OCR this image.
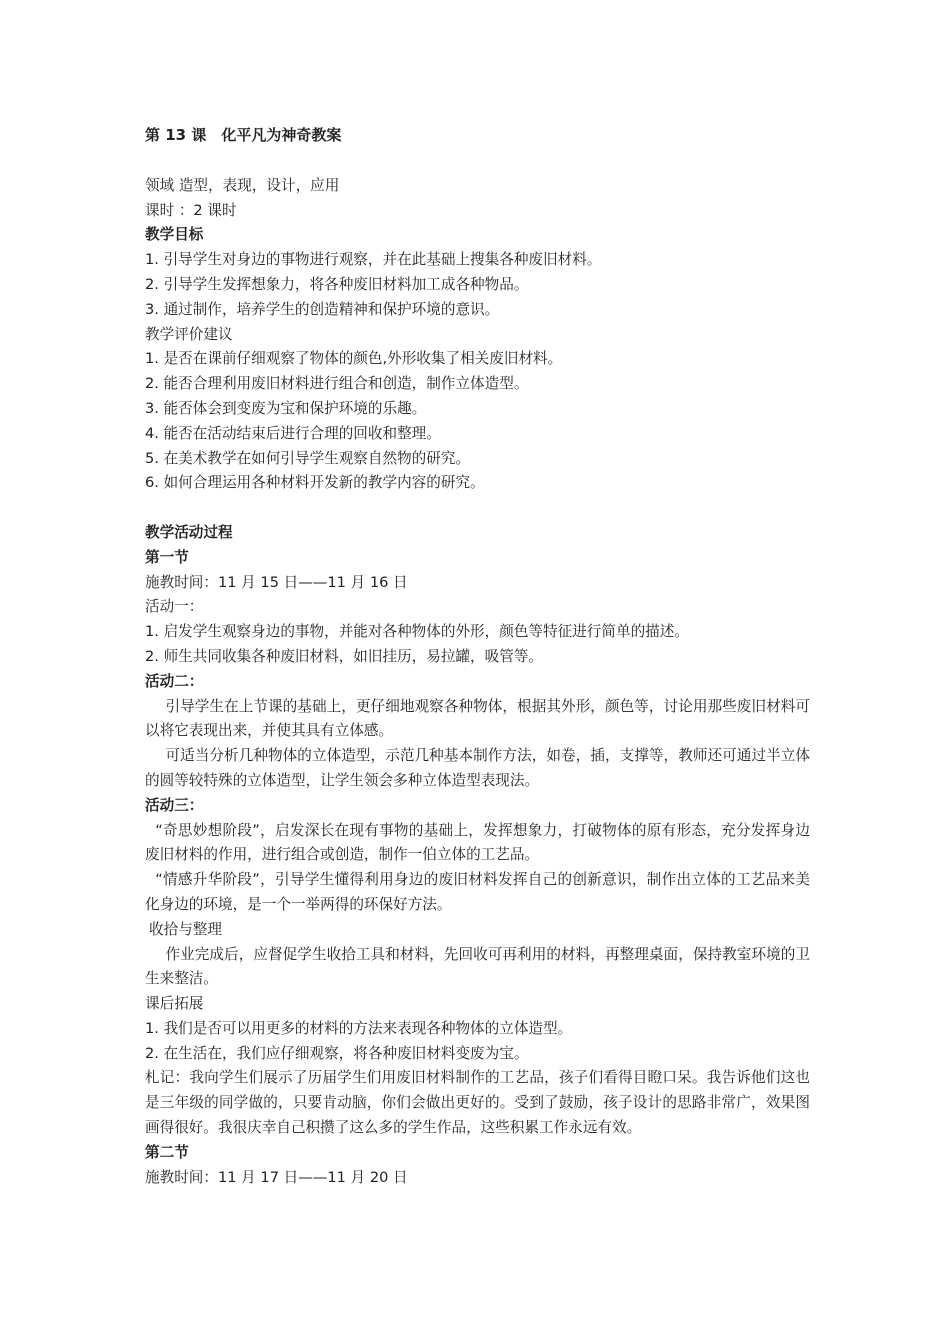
第 13 课　化平凡为神奇教案
领域 造型，表现，设计，应用
课时 ：2 课时
教学目标
1. 引导学生对身边的事物进行观察，并在此基础上搜集各种废旧材料。
2. 引导学生发挥想象力，将各种废旧材料加工成各种物品。
3. 通过制作，培养学生的创造精神和保护环境的意识。
教学评价建议
1. 是否在课前仔细观察了物体的颜色,外形收集了相关废旧材料。
2. 能否合理利用废旧材料进行组合和创造，制作立体造型。
3. 能否体会到变废为宝和保护环境的乐趣。
4. 能否在活动结束后进行合理的回收和整理。
5. 在美术教学在如何引导学生观察自然物的研究。
6. 如何合理运用各种材料开发新的教学内容的研究。
教学活动过程
第一节
施教时间：11 月 15 日——11 月 16 日
活动一：
1. 启发学生观察身边的事物，并能对各种物体的外形，颜色等特征进行简单的描述。
2. 师生共同收集各种废旧材料，如旧挂历，易拉罐，吸管等。
活动二：
引导学生在上节课的基础上，更仔细地观察各种物体，根据其外形，颜色等，讨论用那些废旧材料可以将它表现出来，并使其具有立体感。
可适当分析几种物体的立体造型，示范几种基本制作方法，如卷，插，支撑等，教师还可通过半立体的圆等较特殊的立体造型，让学生领会多种立体造型表现法。
活动三：
“奇思妙想阶段”，启发深长在现有事物的基础上，发挥想象力，打破物体的原有形态，充分发挥身边废旧材料的作用，进行组合或创造，制作一伯立体的工艺品。
“情感升华阶段”，引导学生懂得利用身边的废旧材料发挥自己的创新意识，制作出立体的工艺品来美化身边的环境，是一个一举两得的环保好方法。
收拾与整理
作业完成后，应督促学生收拾工具和材料，先回收可再利用的材料，再整理桌面，保持教室环境的卫生来整洁。
课后拓展
1. 我们是否可以用更多的材料的方法来表现各种物体的立体造型。
2. 在生活在，我们应仔细观察，将各种废旧材料变废为宝。
札记：我向学生们展示了历届学生们用废旧材料制作的工艺品，孩子们看得目瞪口呆。我告诉他们这也是三年级的同学做的，只要肯动脑，你们会做出更好的。受到了鼓励，孩子设计的思路非常广，效果图画得很好。我很庆幸自己积攒了这么多的学生作品，这些积累工作永远有效。
第二节
施教时间：11 月 17 日——11 月 20 日
